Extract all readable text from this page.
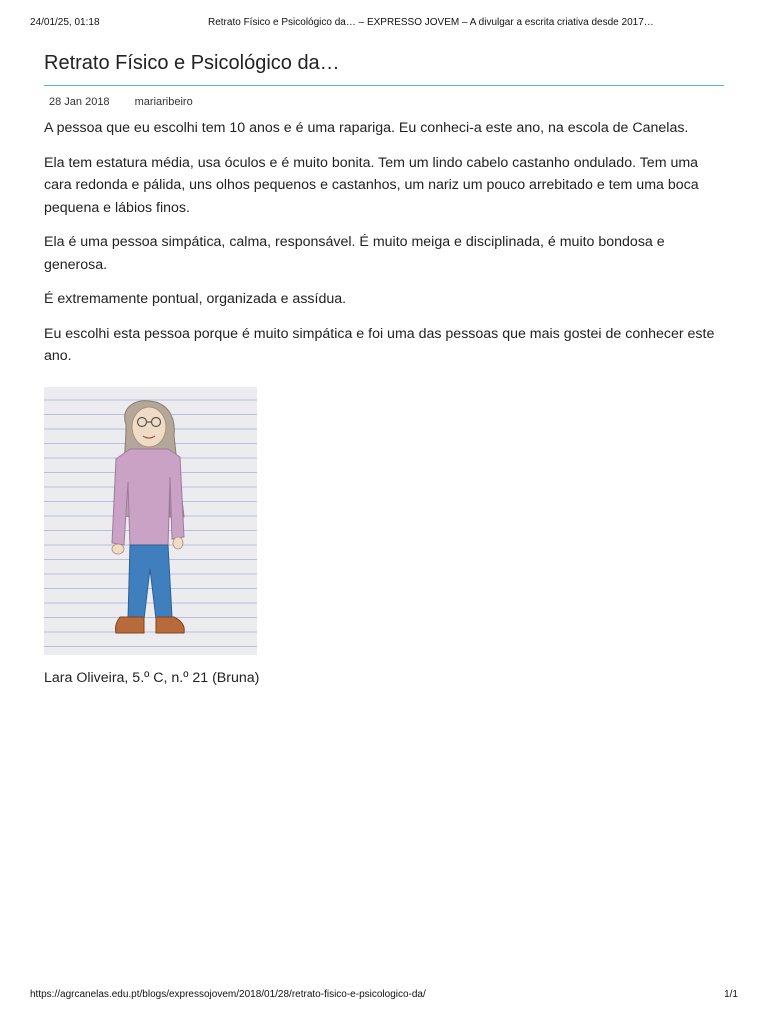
24/01/25, 01:18	Retrato Físico e Psicológico da… – EXPRESSO JOVEM – A divulgar a escrita criativa desde 2017…
Retrato Físico e Psicológico da…
28 Jan 2018 mariaribeiro

A pessoa que eu escolhi tem 10 anos e é uma rapariga. Eu conheci-a este ano, na escola de Canelas.

Ela tem estatura média, usa óculos e é muito bonita. Tem um lindo cabelo castanho ondulado. Tem uma cara redonda e pálida, uns olhos pequenos e castanhos, um nariz um pouco arrebitado e tem uma boca pequena e lábios finos.

Ela é uma pessoa simpática, calma, responsável. É muito meiga e disciplinada, é muito bondosa e generosa.

É extremamente pontual, organizada e assídua.

Eu escolhi esta pessoa porque é muito simpática e foi uma das pessoas que mais gostei de conhecer este ano.

Lara Oliveira, 5.º C, n.º 21 (Bruna)
https://agrcanelas.edu.pt/blogs/expressojovem/2018/01/28/retrato-fisico-e-psicologico-da/	1/1
